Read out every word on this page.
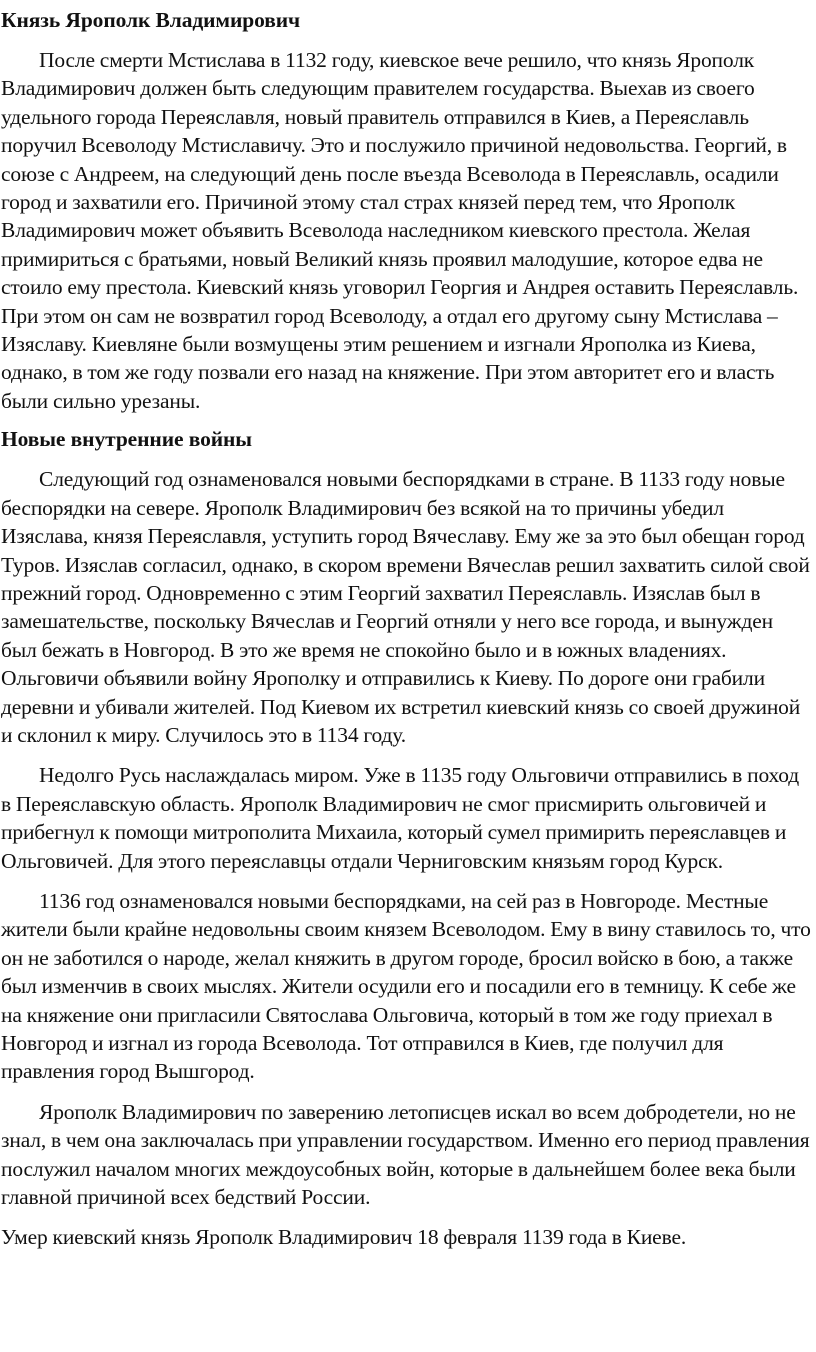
Князь Ярополк Владимирович

После смерти Мстислава в 1132 году, киевское вече решило, что князь Ярополк Владимирович должен быть следующим правителем государства. Выехав из своего удельного города Переяславля, новый правитель отправился в Киев, а Переяславль поручил Всеволоду Мстиславичу. Это и послужило причиной недовольства. Георгий, в союзе с Андреем, на следующий день после въезда Всеволода в Переяславль, осадили город и захватили его. Причиной этому стал страх князей перед тем, что Ярополк Владимирович может объявить Всеволода наследником киевского престола. Желая примириться с братьями, новый Великий князь проявил малодушие, которое едва не стоило ему престола. Киевский князь уговорил Георгия и Андрея оставить Переяславль. При этом он сам не возвратил город Всеволоду, а отдал его другому сыну Мстислава – Изяславу. Киевляне были возмущены этим решением и изгнали Ярополка из Киева, однако, в том же году позвали его назад на княжение. При этом авторитет его и власть были сильно урезаны.

Новые внутренние войны

Следующий год ознаменовался новыми беспорядками в стране. В 1133 году новые беспорядки на севере. Ярополк Владимирович без всякой на то причины убедил Изяслава, князя Переяславля, уступить город Вячеславу. Ему же за это был обещан город Туров. Изяслав согласил, однако, в скором времени Вячеслав решил захватить силой свой прежний город. Одновременно с этим Георгий захватил Переяславль. Изяслав был в замешательстве, поскольку Вячеслав и Георгий отняли у него все города, и вынужден был бежать в Новгород. В это же время не спокойно было и в южных владениях. Ольговичи объявили войну Ярополку и отправились к Киеву. По дороге они грабили деревни и убивали жителей. Под Киевом их встретил киевский князь со своей дружиной и склонил к миру. Случилось это в 1134 году.

Недолго Русь наслаждалась миром. Уже в 1135 году Ольговичи отправились в поход в Переяславскую область. Ярополк Владимирович не смог присмирить ольговичей и прибегнул к помощи митрополита Михаила, который сумел примирить переяславцев и Ольговичей. Для этого переяславцы отдали Черниговским князьям город Курск.

1136 год ознаменовался новыми беспорядками, на сей раз в Новгороде. Местные жители были крайне недовольны своим князем Всеволодом. Ему в вину ставилось то, что он не заботился о народе, желал княжить в другом городе, бросил войско в бою, а также был изменчив в своих мыслях. Жители осудили его и посадили его в темницу. К себе же на княжение они пригласили Святослава Ольговича, который в том же году приехал в Новгород и изгнал из города Всеволода. Тот отправился в Киев, где получил для правления город Вышгород.

Ярополк Владимирович по заверению летописцев искал во всем добродетели, но не знал, в чем она заключалась при управлении государством. Именно его период правления послужил началом многих междоусобных войн, которые в дальнейшем более века были главной причиной всех бедствий России.

Умер киевский князь Ярополк Владимирович 18 февраля 1139 года в Киеве.
